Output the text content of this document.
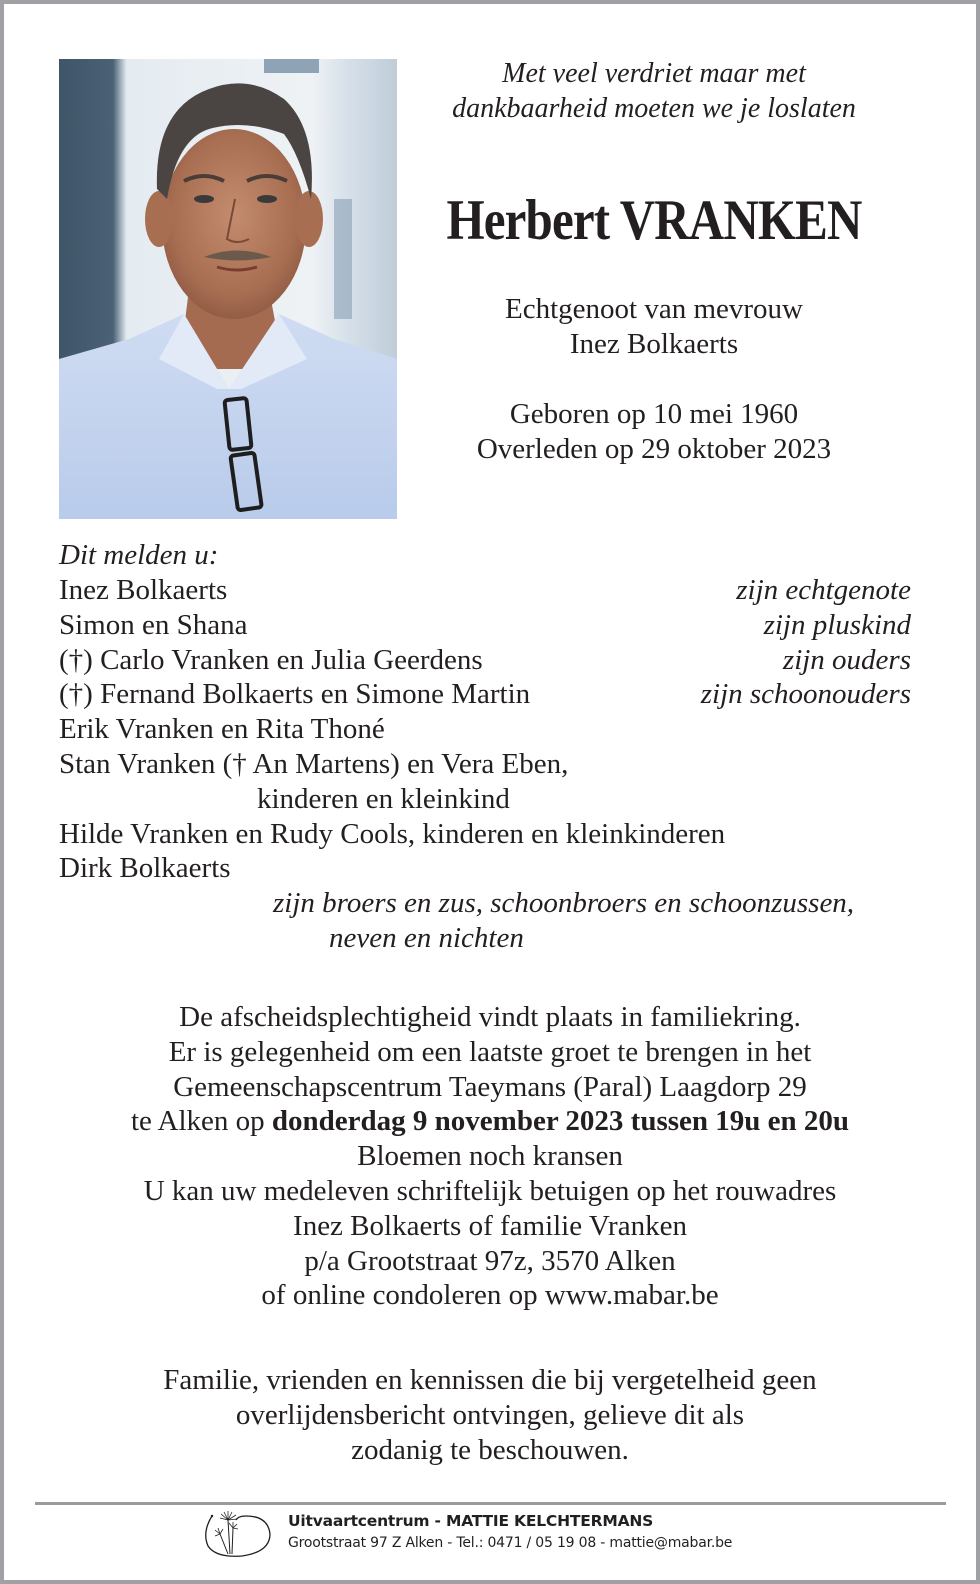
Met veel verdriet maar met
dankbaarheid moeten we je loslaten
Herbert VRANKEN
Echtgenoot van mevrouw
Inez Bolkaerts
Geboren op 10 mei 1960
Overleden op 29 oktober 2023
Dit melden u:
Inez Bolkaerts	zijn echtgenote
Simon en Shana	zijn pluskind
(†) Carlo Vranken en Julia Geerdens	zijn ouders
(†) Fernand Bolkaerts en Simone Martin	zijn schoonouders
Erik Vranken en Rita Thoné
Stan Vranken († An Martens) en Vera Eben,
kinderen en kleinkind
Hilde Vranken en Rudy Cools, kinderen en kleinkinderen
Dirk Bolkaerts
zijn broers en zus, schoonbroers en schoonzussen,
neven en nichten
De afscheidsplechtigheid vindt plaats in familiekring.
Er is gelegenheid om een laatste groet te brengen in het
Gemeenschapscentrum Taeymans (Paral) Laagdorp 29
te Alken op donderdag 9 november 2023 tussen 19u en 20u
Bloemen noch kransen
U kan uw medeleven schriftelijk betuigen op het rouwadres
Inez Bolkaerts of familie Vranken
p/a Grootstraat 97z, 3570 Alken
of online condoleren op www.mabar.be
Familie, vrienden en kennissen die bij vergetelheid geen
overlijdensbericht ontvingen, gelieve dit als
zodanig te beschouwen.
Uitvaartcentrum - MATTIE KELCHTERMANS
Grootstraat 97 Z Alken - Tel.: 0471 / 05 19 08 - mattie@mabar.be
